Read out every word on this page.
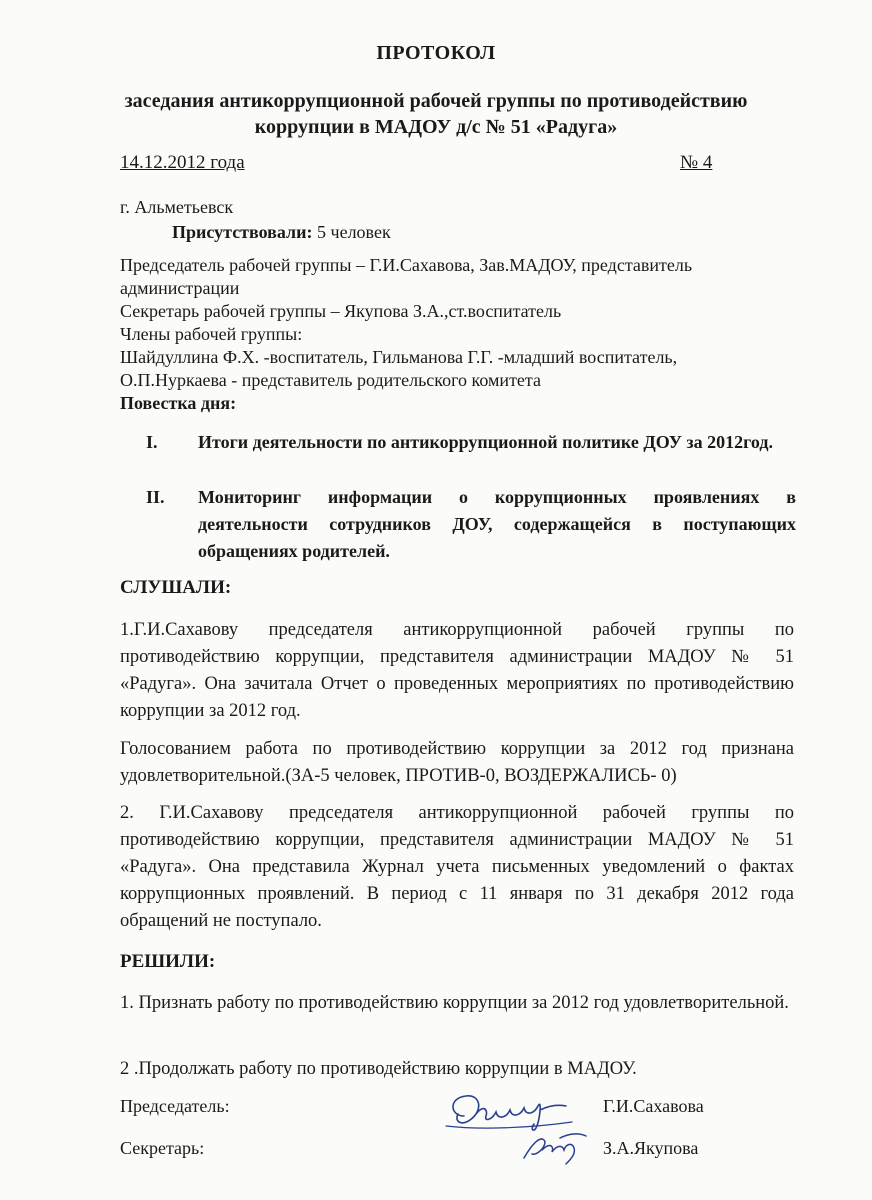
ПРОТОКОЛ
заседания антикоррупционной рабочей группы по противодействию
коррупции в МАДОУ д/с № 51 «Радуга»
14.12.2012 года	№ 4
г. Альметьевск
Присутствовали: 5 человек

Председатель рабочей группы – Г.И.Сахавова, Зав.МАДОУ, представитель администрации

Секретарь рабочей группы – Якупова З.А.,ст.воспитатель

Члены рабочей группы:

Шайдуллина Ф.Х. -воспитатель, Гильманова Г.Г. -младший воспитатель,

О.П.Нуркаева - представитель родительского комитета

Повестка дня:
I. Итоги деятельности по антикоррупционной политике ДОУ за 2012год.
II. Мониторинг информации о коррупционных проявлениях в деятельности сотрудников ДОУ, содержащейся в поступающих обращениях родителей.
СЛУШАЛИ:

1.Г.И.Сахавову председателя антикоррупционной рабочей группы по противодействию коррупции, представителя администрации МАДОУ № 51 «Радуга». Она зачитала Отчет о проведенных мероприятиях по противодействию коррупции за 2012 год.

Голосованием работа по противодействию коррупции за 2012 год признана удовлетворительной.(ЗА-5 человек, ПРОТИВ-0, ВОЗДЕРЖАЛИСЬ- 0)

2. Г.И.Сахавову председателя антикоррупционной рабочей группы по противодействию коррупции, представителя администрации МАДОУ № 51 «Радуга». Она представила Журнал учета письменных уведомлений о фактах коррупционных проявлений. В период с 11 января по 31 декабря 2012 года обращений не поступало.

РЕШИЛИ:

1. Признать работу по противодействию коррупции за 2012 год удовлетворительной.

2 .Продолжать работу по противодействию коррупции в МАДОУ.

Председатель:	Г.И.Сахавова
Секретарь:	З.А.Якупова
